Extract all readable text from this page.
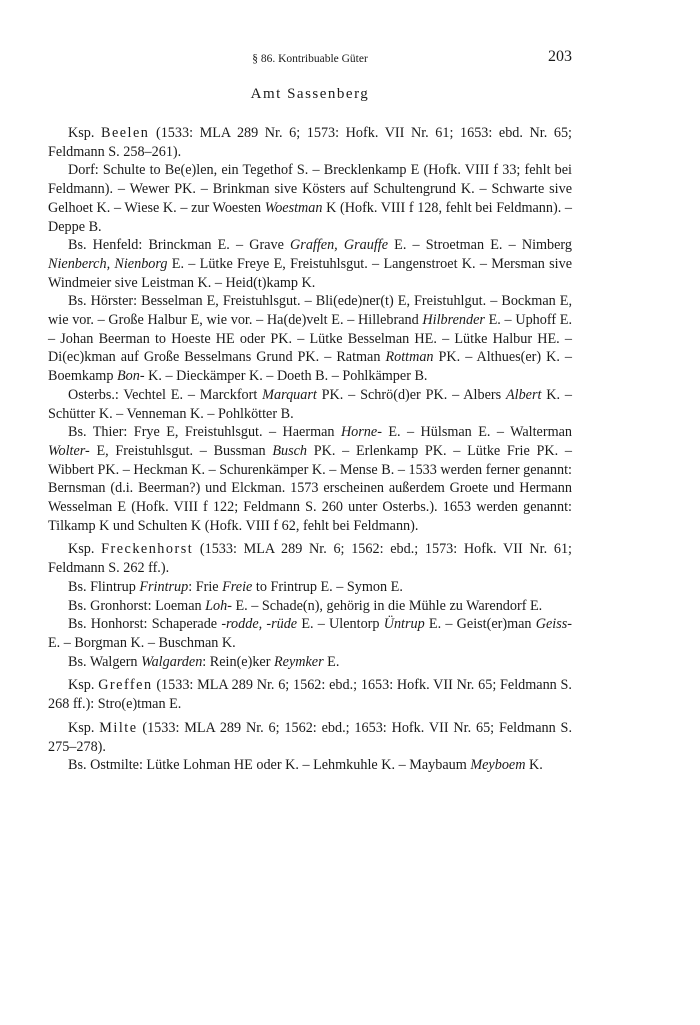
§ 86. Kontribuable Güter	203
Amt Sassenberg

Ksp. Beelen (1533: MLA 289 Nr. 6; 1573: Hofk. VII Nr. 61; 1653: ebd. Nr. 65; Feldmann S. 258–261).

Dorf: Schulte to Be(e)len, ein Tegethof S. – Brecklenkamp E (Hofk. VIII f 33; fehlt bei Feldmann). – Wewer PK. – Brinkman sive Kösters auf Schultengrund K. – Schwarte sive Gelhoet K. – Wiese K. – zur Woesten Woestman K (Hofk. VIII f 128, fehlt bei Feldmann). – Deppe B.

Bs. Henfeld: Brinckman E. – Grave Graffen, Grauffe E. – Stroetman E. – Nimberg Nienberch, Nienborg E. – Lütke Freye E, Freistuhlsgut. – Langenstroet K. – Mersman sive Windmeier sive Leistman K. – Heid(t)kamp K.

Bs. Hörster: Besselman E, Freistuhlsgut. – Bli(ede)ner(t) E, Freistuhlgut. – Bockman E, wie vor. – Große Halbur E, wie vor. – Ha(de)velt E. – Hillebrand Hilbrender E. – Uphoff E. – Johan Beerman to Hoeste HE oder PK. – Lütke Besselman HE. – Lütke Halbur HE. – Di(ec)kman auf Große Besselmans Grund PK. – Ratman Rottman PK. – Althues(er) K. – Boemkamp Bon- K. – Dieckämper K. – Doeth B. – Pohlkämper B.

Osterbs.: Vechtel E. – Marckfort Marquart PK. – Schrö(d)er PK. – Albers Albert K. – Schütter K. – Venneman K. – Pohlkötter B.

Bs. Thier: Frye E, Freistuhlsgut. – Haerman Horne- E. – Hülsman E. – Walterman Wolter- E, Freistuhlsgut. – Bussman Busch PK. – Erlenkamp PK. – Lütke Frie PK. – Wibbert PK. – Heckman K. – Schurenkämper K. – Mense B. – 1533 werden ferner genannt: Bernsman (d.i. Beerman?) und Elckman. 1573 erscheinen außerdem Groete und Hermann Wesselman E (Hofk. VIII f 122; Feldmann S. 260 unter Osterbs.). 1653 werden genannt: Tilkamp K und Schulten K (Hofk. VIII f 62, fehlt bei Feldmann).

Ksp. Freckenhorst (1533: MLA 289 Nr. 6; 1562: ebd.; 1573: Hofk. VII Nr. 61; Feldmann S. 262 ff.).

Bs. Flintrup Frintrup: Frie Freie to Frintrup E. – Symon E.

Bs. Gronhorst: Loeman Loh- E. – Schade(n), gehörig in die Mühle zu Warendorf E.

Bs. Honhorst: Schaperade -rodde, -rüde E. – Ulentorp Üntrup E. – Geist(er)man Geiss- E. – Borgman K. – Buschman K.

Bs. Walgern Walgarden: Rein(e)ker Reymker E.

Ksp. Greffen (1533: MLA 289 Nr. 6; 1562: ebd.; 1653: Hofk. VII Nr. 65; Feldmann S. 268 ff.): Stro(e)tman E.

Ksp. Milte (1533: MLA 289 Nr. 6; 1562: ebd.; 1653: Hofk. VII Nr. 65; Feldmann S. 275–278).

Bs. Ostmilte: Lütke Lohman HE oder K. – Lehmkuhle K. – Maybaum Meyboem K.
